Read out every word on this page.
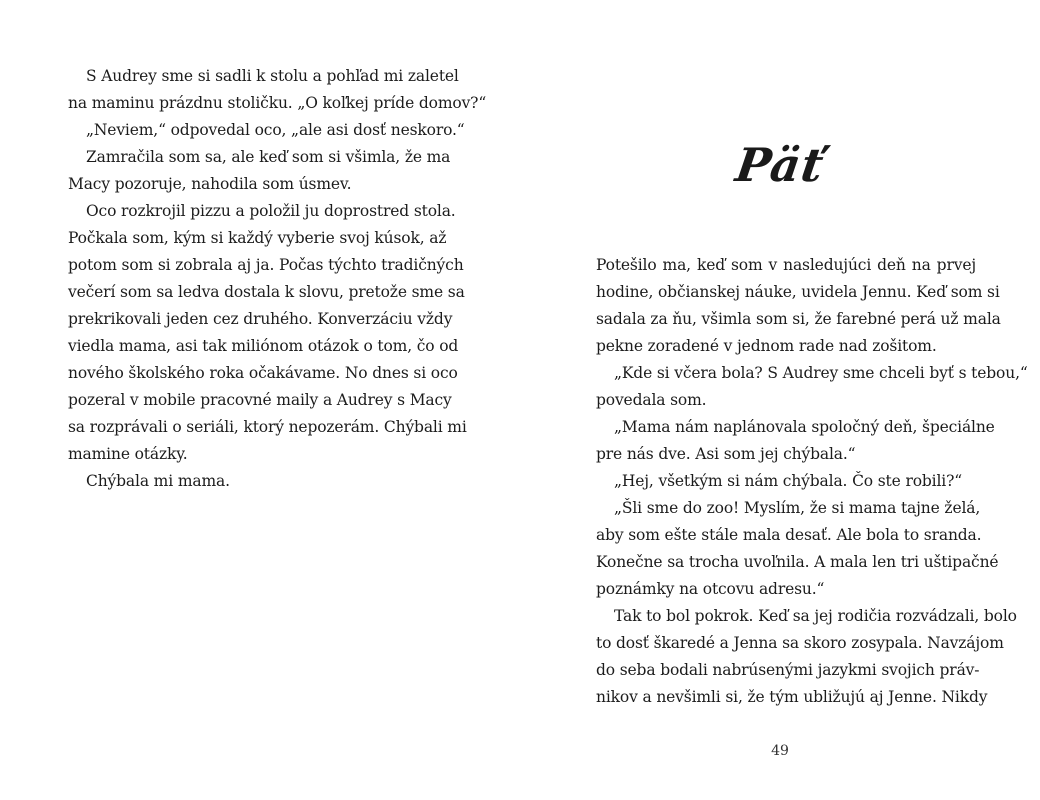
S Audrey sme si sadli k stolu a pohľad mi zaletel
na maminu prázdnu stoličku. „O koľkej príde domov?“
„Neviem,“ odpovedal oco, „ale asi dosť neskoro.“
Zamračila som sa, ale keď som si všimla, že ma
Macy pozoruje, nahodila som úsmev.
Oco rozkrojil pizzu a položil ju doprostred stola.
Počkala som, kým si každý vyberie svoj kúsok, až
potom som si zobrala aj ja. Počas týchto tradičných
večerí som sa ledva dostala k slovu, pretože sme sa
prekrikovali jeden cez druhého. Konverzáciu vždy
viedla mama, asi tak miliónom otázok o tom, čo od
nového školského roka očakávame. No dnes si oco
pozeral v mobile pracovné maily a Audrey s Macy
sa rozprávali o seriáli, ktorý nepozerám. Chýbali mi
mamine otázky.
Chýbala mi mama.
Päť
Potešilo ma, keď som v nasledujúci deň na prvej
hodine, občianskej náuke, uvidela Jennu. Keď som si
sadala za ňu, všimla som si, že farebné perá už mala
pekne zoradené v jednom rade nad zošitom.
„Kde si včera bola? S Audrey sme chceli byť s tebou,“
povedala som.
„Mama nám naplánovala spoločný deň, špeciálne
pre nás dve. Asi som jej chýbala.“
„Hej, všetkým si nám chýbala. Čo ste robili?“
„Šli sme do zoo! Myslím, že si mama tajne želá,
aby som ešte stále mala desať. Ale bola to sranda.
Konečne sa trocha uvoľnila. A mala len tri uštipačné
poznámky na otcovu adresu.“
Tak to bol pokrok. Keď sa jej rodičia rozvádzali, bolo
to dosť škaredé a Jenna sa skoro zosypala. Navzájom
do seba bodali nabrúsenými jazykmi svojich práv-
nikov a nevšimli si, že tým ubližujú aj Jenne. Nikdy
49
